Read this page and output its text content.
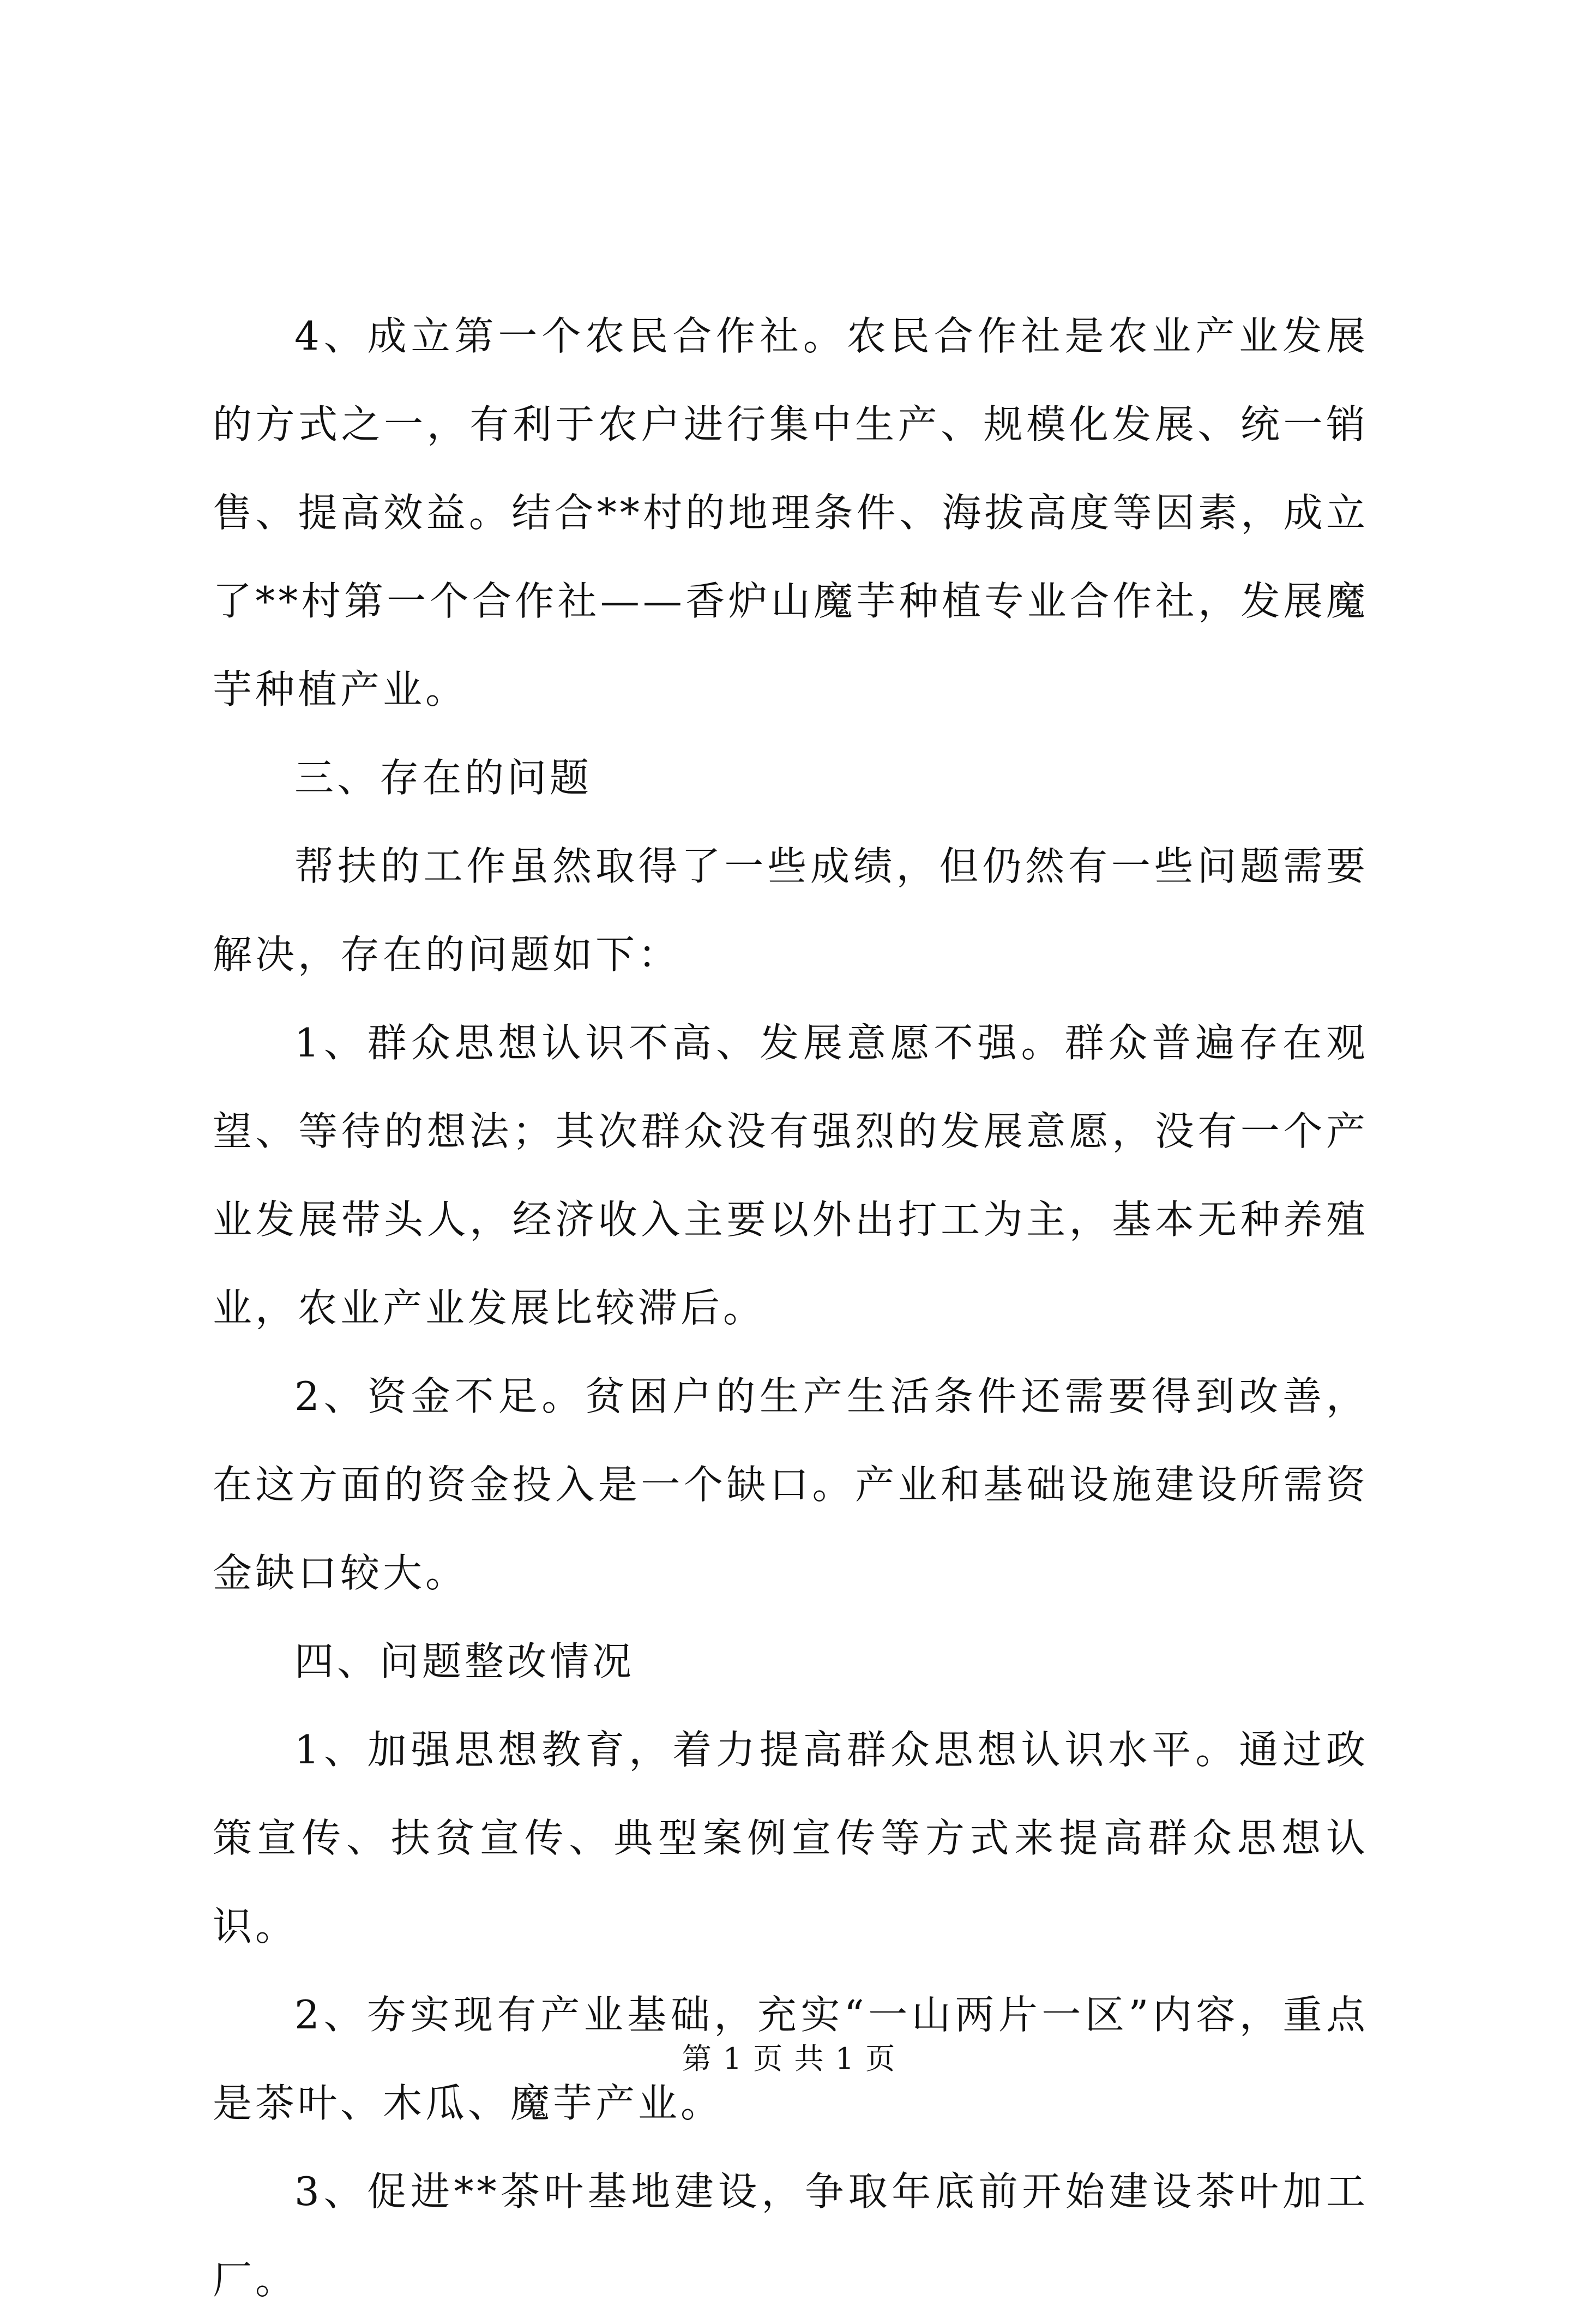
4、成立第一个农民合作社。农民合作社是农业产业发展的方式之一，有利于农户进行集中生产、规模化发展、统一销售、提高效益。结合**村的地理条件、海拔高度等因素，成立了**村第一个合作社——香炉山魔芋种植专业合作社，发展魔芋种植产业。

三、存在的问题

帮扶的工作虽然取得了一些成绩，但仍然有一些问题需要解决，存在的问题如下：

1、群众思想认识不高、发展意愿不强。群众普遍存在观望、等待的想法；其次群众没有强烈的发展意愿，没有一个产业发展带头人，经济收入主要以外出打工为主，基本无种养殖业，农业产业发展比较滞后。

2、资金不足。贫困户的生产生活条件还需要得到改善，在这方面的资金投入是一个缺口。产业和基础设施建设所需资金缺口较大。

四、问题整改情况

1、加强思想教育，着力提高群众思想认识水平。通过政策宣传、扶贫宣传、典型案例宣传等方式来提高群众思想认识。

2、夯实现有产业基础，充实“一山两片一区”内容，重点是茶叶、木瓜、魔芋产业。

3、促进**茶叶基地建设，争取年底前开始建设茶叶加工厂。

第 1 页 共 1 页
